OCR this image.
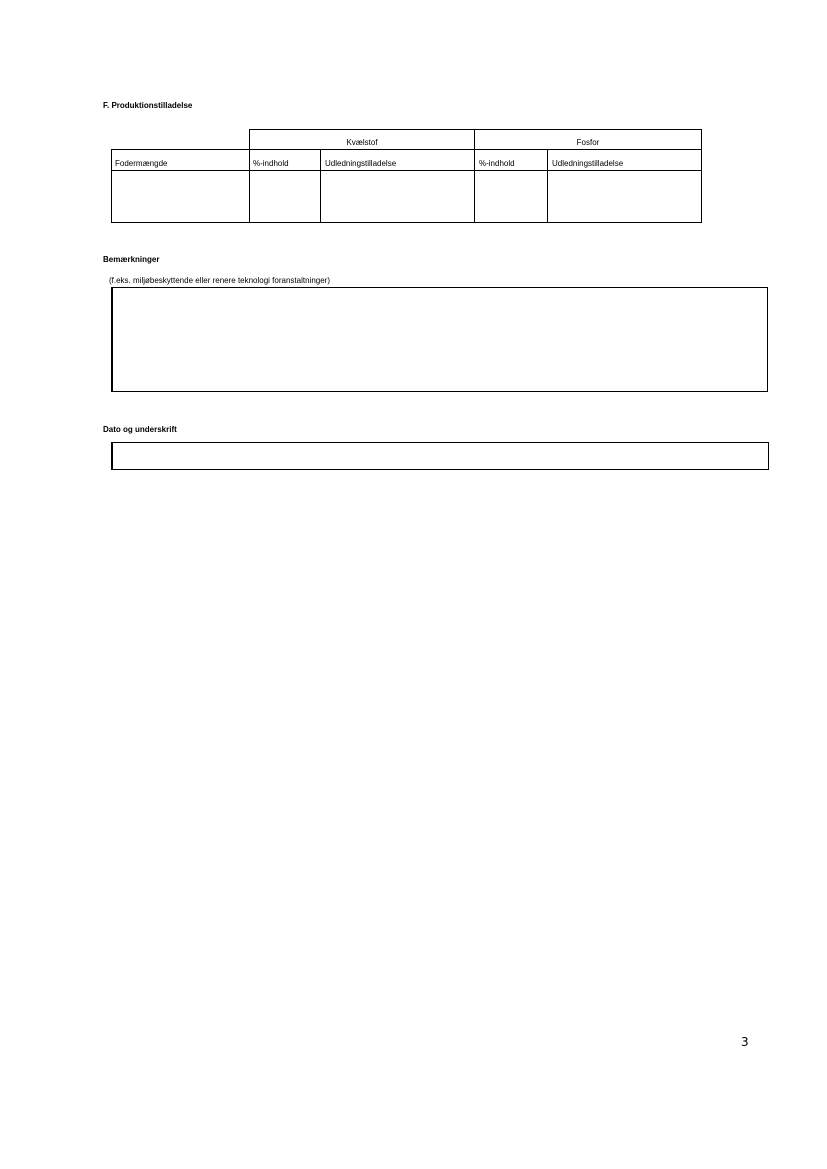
F. Produktionstilladelse
Kvælstof	Fosfor
Fodermængde	%-indhold	Udledningstilladelse	%-indhold	Udledningstilladelse
Bemærkninger
(f.eks. miljøbeskyttende eller renere teknologi foranstaltninger)
Dato og underskrift
3
